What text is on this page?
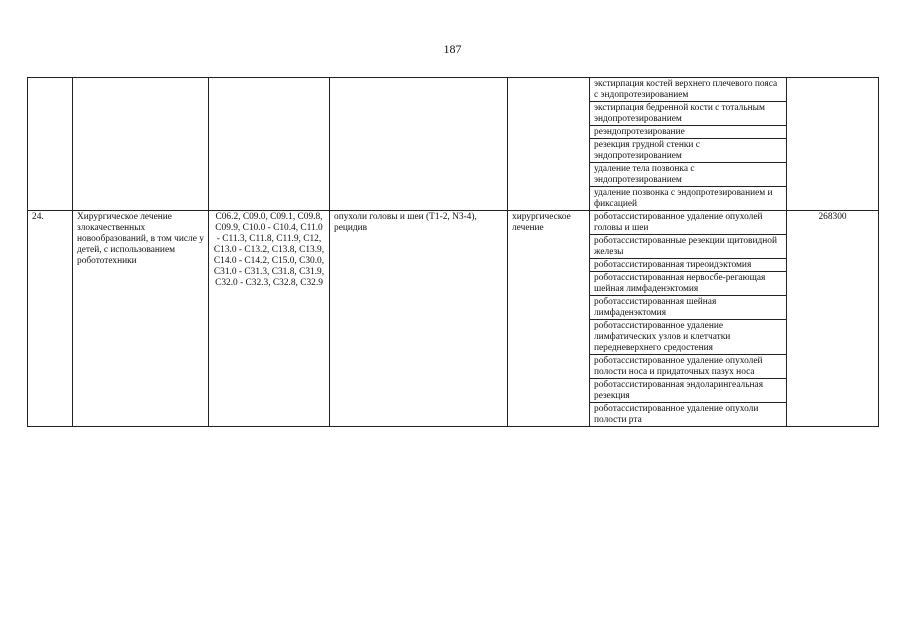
187
					экстирпация костей верхнего плечевого пояса с эндопротезированием	
					экстирпация бедренной кости с тотальным эндопротезированием	
					реэндопротезирование	
					резекция грудной стенки с эндопротезированием	
					удаление тела позвонка с эндопротезированием	
					удаление позвонка с эндопротезированием и фиксацией	
24.	Хирургическое лечение злокачественных новообразований, в том числе у детей, с использованием робототехники	C06.2, C09.0, C09.1, C09.8, C09.9, C10.0 - C10.4, C11.0 - C11.3, C11.8, C11.9, C12, C13.0 - C13.2, C13.8, C13.9, C14.0 - C14.2, C15.0, C30.0, C31.0 - C31.3, C31.8, C31.9, C32.0 - C32.3, C32.8, C32.9	опухоли головы и шеи (T1-2, N3-4), рецидив	хирургическое лечение	роботассистированное удаление опухолей головы и шеи	268300
					роботассистированные резекции щитовидной железы	
					роботассистированная тиреоидэктомия	
					роботассистированная нервосбе-регающая шейная лимфаденэктомия	
					роботассистированная шейная лимфаденэктомия	
					роботассистированное удаление лимфатических узлов и клетчатки передневерхнего средостения	
					роботассистированное удаление опухолей полости носа и придаточных пазух носа	
					роботассистированная эндоларингеальная резекция	
					роботассистированное удаление опухоли полости рта	
